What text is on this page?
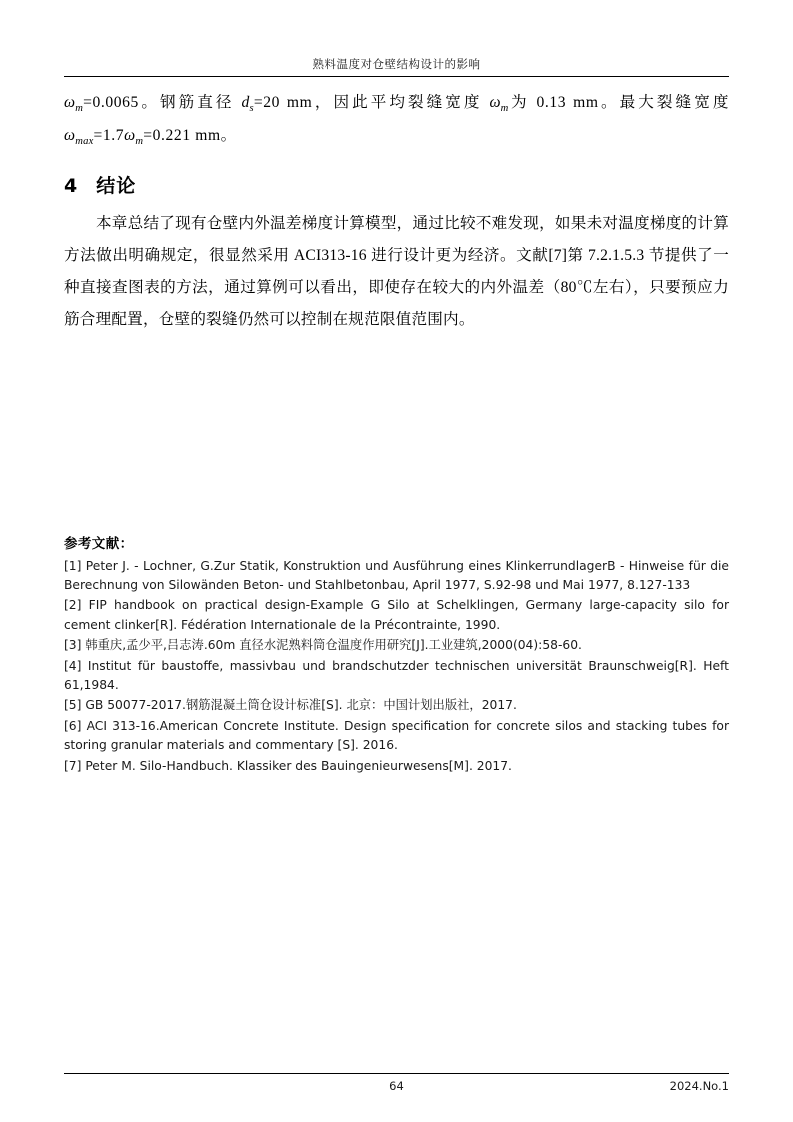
熟料温度对仓壁结构设计的影响

$\omega_m=0.0065$。钢筋直径 $d_s=20$ mm，因此平均裂缝宽度 $\omega_m$为 0.13 mm。最大裂缝宽度 $\omega_{max}=1.7\omega_m=0.221$ mm。

4 结论

本章总结了现有仓壁内外温差梯度计算模型，通过比较不难发现，如果未对温度梯度的计算方法做出明确规定，很显然采用 ACI313-16 进行设计更为经济。文献[7]第 7.2.1.5.3 节提供了一种直接查图表的方法，通过算例可以看出，即使存在较大的内外温差（80℃左右），只要预应力筋合理配置，仓壁的裂缝仍然可以控制在规范限值范围内。

参考文献：
[1] Peter J. - Lochner, G.Zur Statik, Konstruktion und Ausführung eines KlinkerrundlagerB - Hinweise für die Berechnung von Silowänden Beton- und Stahlbetonbau, April 1977, S.92-98 und Mai 1977, 8.127-133
[2] FIP handbook on practical design-Example G Silo at Schelklingen, Germany large-capacity silo for cement clinker[R]. Fédération Internationale de la Précontrainte, 1990.
[3] 韩重庆,孟少平,吕志涛.60m 直径水泥熟料筒仓温度作用研究[J].工业建筑,2000(04):58-60.
[4] Institut für baustoffe, massivbau und brandschutzder technischen universität Braunschweig[R]. Heft 61,1984.
[5] GB 50077-2017.钢筋混凝土筒仓设计标准[S]. 北京：中国计划出版社，2017.
[6] ACI 313-16.American Concrete Institute. Design specification for concrete silos and stacking tubes for storing granular materials and commentary [S]. 2016.
[7] Peter M. Silo-Handbuch. Klassiker des Bauingenieurwesens[M]. 2017.
64	2024.No.1
